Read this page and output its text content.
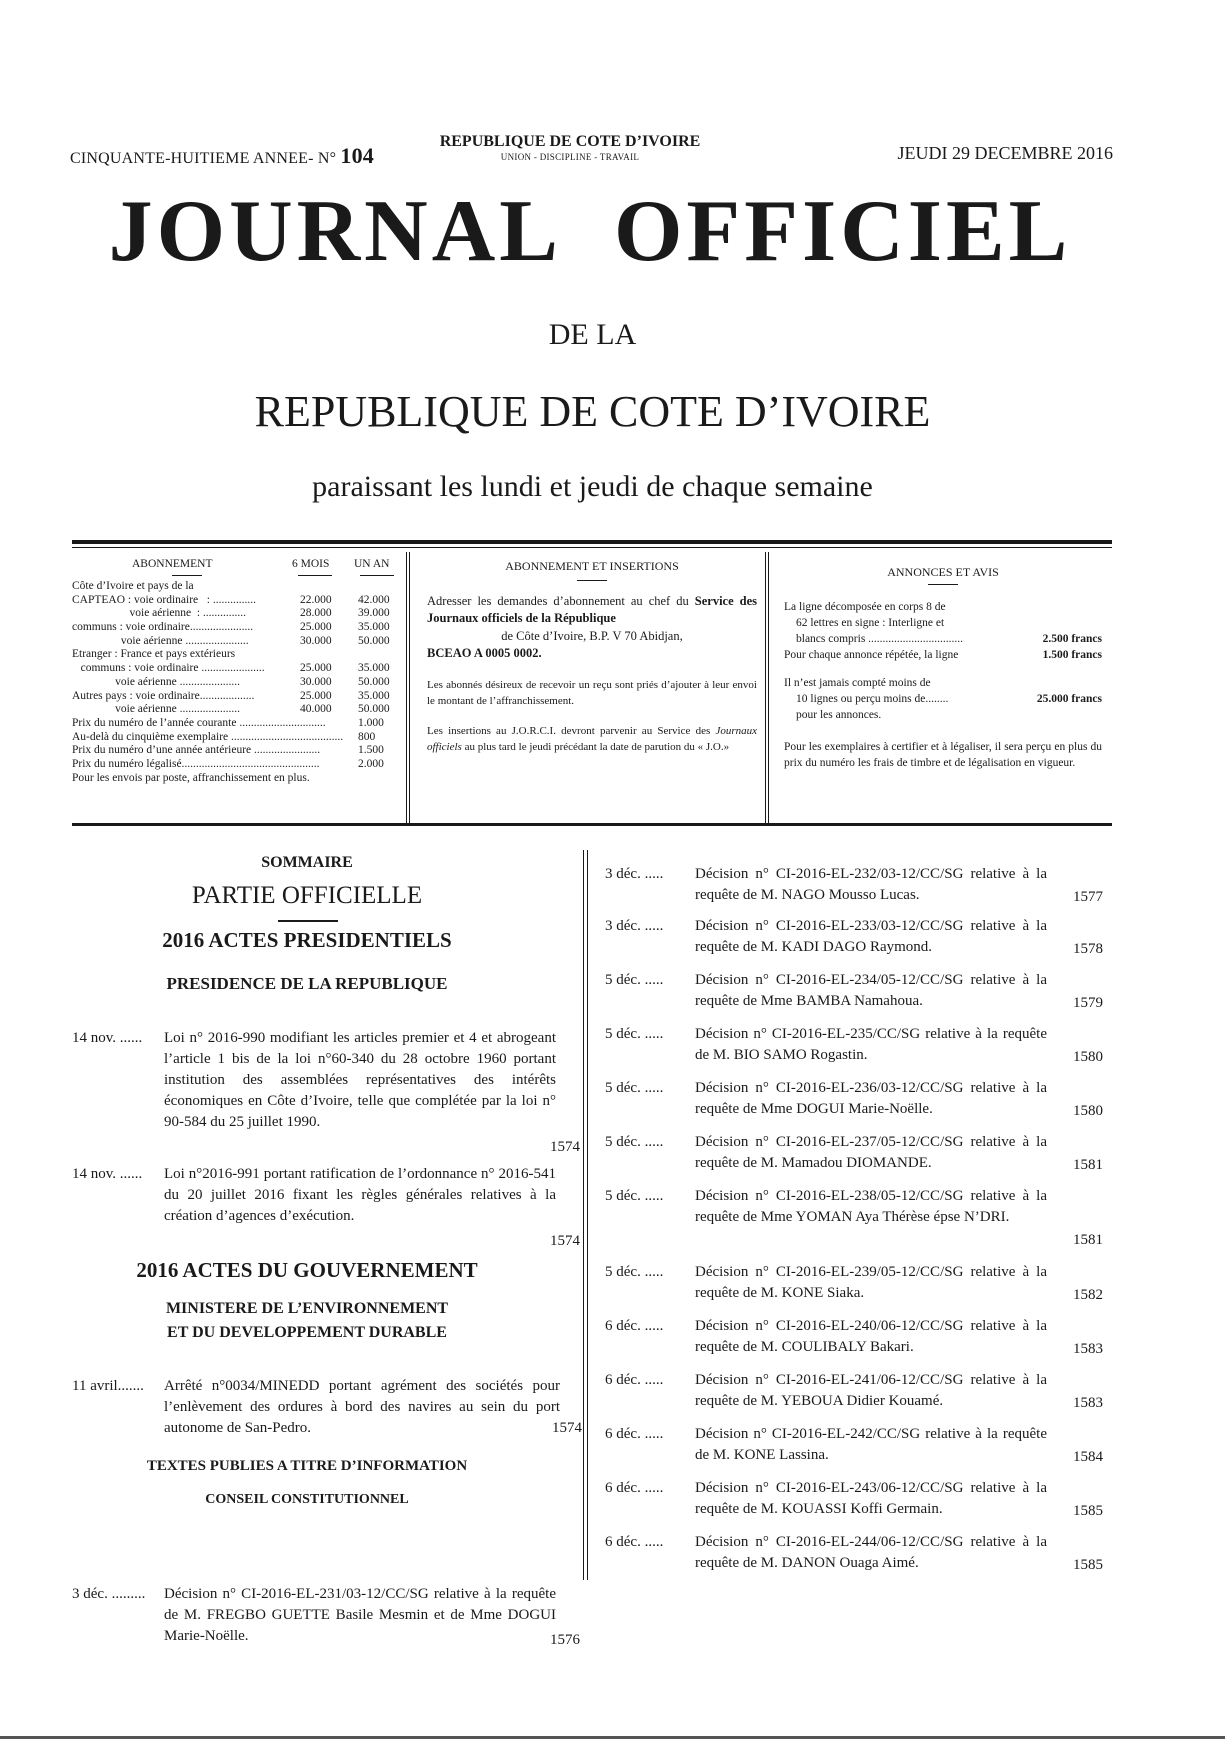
CINQUANTE-HUITIEME ANNEE- N° 104
REPUBLIQUE DE COTE D’IVOIRE
UNION - DISCIPLINE - TRAVAIL	JEUDI 29 DECEMBRE 2016
JOURNAL OFFICIEL
DE LA
REPUBLIQUE DE COTE D’IVOIRE
paraissant les lundi et jeudi de chaque semaine
ABONNEMENT	6 MOIS UN AN
Côte d’Ivoire et pays de la
CAPTEAO : voie ordinaire   : ...............	22.000 42.000
voie aérienne  : ...............	28.000 39.000
communs : voie ordinaire......................	25.000 35.000
voie aérienne ......................	30.000 50.000
Etranger : France et pays extérieurs
communs : voie ordinaire ......................	25.000 35.000
voie aérienne .....................	30.000 50.000
Autres pays : voie ordinaire...................	25.000 35.000
voie aérienne .....................	40.000 50.000
Prix du numéro de l’année courante ..............................	1.000
Au-delà du cinquième exemplaire ....................................... 800
Prix du numéro d’une année antérieure .......................	1.500
Prix du numéro légalisé................................................	2.000
Pour les envois par poste, affranchissement en plus.
ABONNEMENT ET INSERTIONS

Adresser les demandes d’abonnement au chef du Service des Journaux officiels de la République
de Côte d’Ivoire, B.P. V 70 Abidjan,
BCEAO A 0005 0002.

Les abonnés désireux de recevoir un reçu sont priés d’ajouter à leur envoi le montant de l’affranchissement.

Les insertions au J.O.R.C.I. devront parvenir au Service des Journaux officiels au plus tard le jeudi précédant la date de parution du « J.O.»

ANNONCES ET AVIS
La ligne décomposée en corps 8 de
62 lettres en signe : Interligne et
blancs compris .................................	2.500 francs
Pour chaque annonce répétée, la ligne	1.500 francs
Il n’est jamais compté moins de
10 lignes ou perçu moins de........	25.000 francs
pour les annonces.
Pour les exemplaires à certifier et à légaliser, il sera perçu en plus du prix du numéro les frais de timbre et de légalisation en vigueur.
SOMMAIRE
PARTIE OFFICIELLE
2016 ACTES PRESIDENTIELS
PRESIDENCE DE LA REPUBLIQUE
2016 ACTES DU GOUVERNEMENT
MINISTERE DE L’ENVIRONNEMENT
ET DU DEVELOPPEMENT DURABLE
TEXTES PUBLIES A TITRE D’INFORMATION
CONSEIL CONSTITUTIONNEL
14 nov. ...... Loi n° 2016-990 modifiant les articles premier et 4 et abrogeant l’article 1 bis de la loi n°60-340 du 28 octobre 1960 portant institution des assemblées représentatives des intérêts économiques en Côte d’Ivoire, telle que complétée par la loi n° 90-584 du 25 juillet 1990.
1574
14 nov. ...... Loi n°2016-991 portant ratification de l’ordonnance n° 2016-541 du 20 juillet 2016 fixant les règles générales relatives à la création d’agences d’exécution.
1574
11 avril....... Arrêté n°0034/MINEDD portant agrément des sociétés pour l’enlèvement des ordures à bord des navires au sein du port autonome de San-Pedro.	1574
3 déc. ......... Décision n° CI-2016-EL-231/03-12/CC/SG relative à la requête de M. FREGBO GUETTE Basile Mesmin et de Mme DOGUI Marie-Noëlle.	1576
3 déc. ..... Décision n° CI-2016-EL-232/03-12/CC/SG relative à la requête de M. NAGO Mousso Lucas.	1577
3 déc. ..... Décision n° CI-2016-EL-233/03-12/CC/SG relative à la requête de M. KADI DAGO Raymond.	1578
5 déc. ..... Décision n° CI-2016-EL-234/05-12/CC/SG relative à la requête de Mme BAMBA Namahoua.	1579
5 déc. ..... Décision n° CI-2016-EL-235/CC/SG relative à la requête de M. BIO SAMO Rogastin.	1580
5 déc. ..... Décision n° CI-2016-EL-236/03-12/CC/SG relative à la requête de Mme DOGUI Marie-Noëlle.	1580
5 déc. ..... Décision n° CI-2016-EL-237/05-12/CC/SG relative à la requête de M. Mamadou DIOMANDE.	1581
5 déc. ..... Décision n° CI-2016-EL-238/05-12/CC/SG relative à la requête de Mme YOMAN Aya Thérèse épse N’DRI.
1581
5 déc. ..... Décision n° CI-2016-EL-239/05-12/CC/SG relative à la requête de M. KONE Siaka.	1582
6 déc. ..... Décision n° CI-2016-EL-240/06-12/CC/SG relative à la requête de M. COULIBALY Bakari.	1583
6 déc. ..... Décision n° CI-2016-EL-241/06-12/CC/SG relative à la requête de M. YEBOUA Didier Kouamé.	1583
6 déc. ..... Décision n° CI-2016-EL-242/CC/SG relative à la requête de M. KONE Lassina.	1584
6 déc. ..... Décision n° CI-2016-EL-243/06-12/CC/SG relative à la requête de M. KOUASSI Koffi Germain.	1585
6 déc. ..... Décision n° CI-2016-EL-244/06-12/CC/SG relative à la requête de M. DANON Ouaga Aimé.	1585
